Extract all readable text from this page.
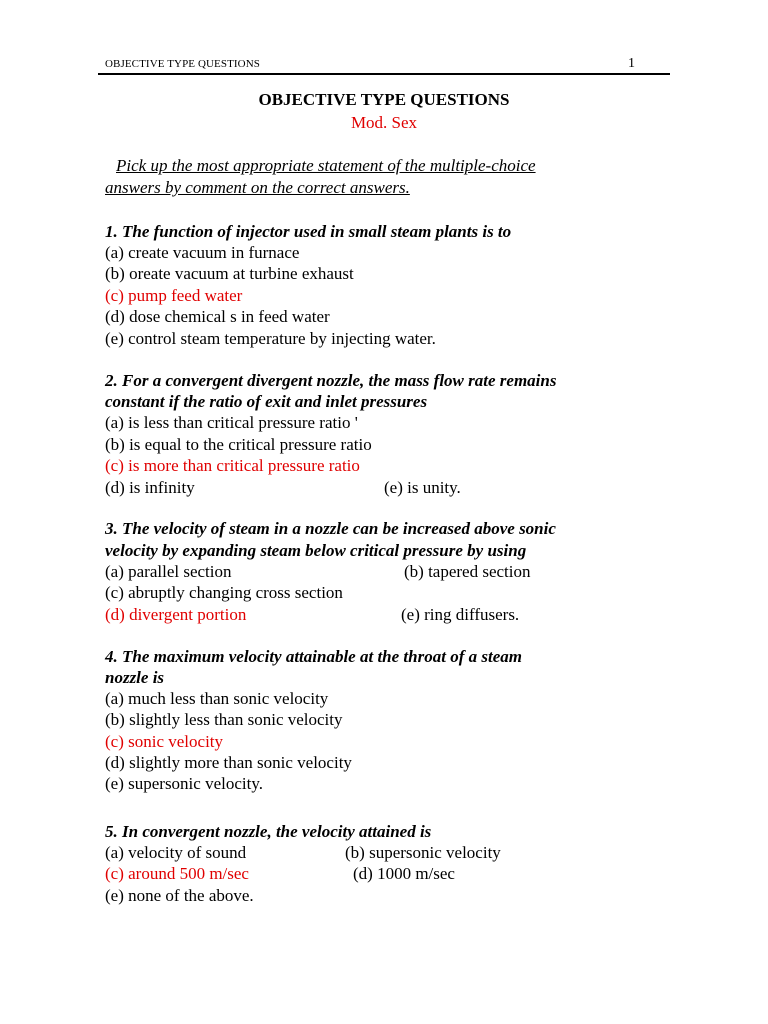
OBJECTIVE TYPE QUESTIONS	1
OBJECTIVE TYPE QUESTIONS
Mod. Sex
Pick up the most appropriate statement of the multiple-choice
answers by comment on the correct answers.
1. The function of injector used in small steam plants is to
(a) create vacuum in furnace
(b) oreate vacuum at turbine exhaust
(c) pump feed water
(d) dose chemical s in feed water
(e) control steam temperature by injecting water.
2. For a convergent divergent nozzle, the mass flow rate remains
constant if the ratio of exit and inlet pressures
(a) is less than critical pressure ratio '
(b) is equal to the critical pressure ratio
(c) is more than critical pressure ratio
(d) is infinity	(e) is unity.
3. The velocity of steam in a nozzle can be increased above sonic
velocity by expanding steam below critical pressure by using
(a) parallel section	(b) tapered section
(c) abruptly changing cross section
(d) divergent portion	(e) ring diffusers.
4. The maximum velocity attainable at the throat of a steam
nozzle is
(a) much less than sonic velocity
(b) slightly less than sonic velocity
(c) sonic velocity
(d) slightly more than sonic velocity
(e) supersonic velocity.
5. In convergent nozzle, the velocity attained is
(a) velocity of sound	(b) supersonic velocity
(c) around 500 m/sec	(d) 1000 m/sec
(e) none of the above.
